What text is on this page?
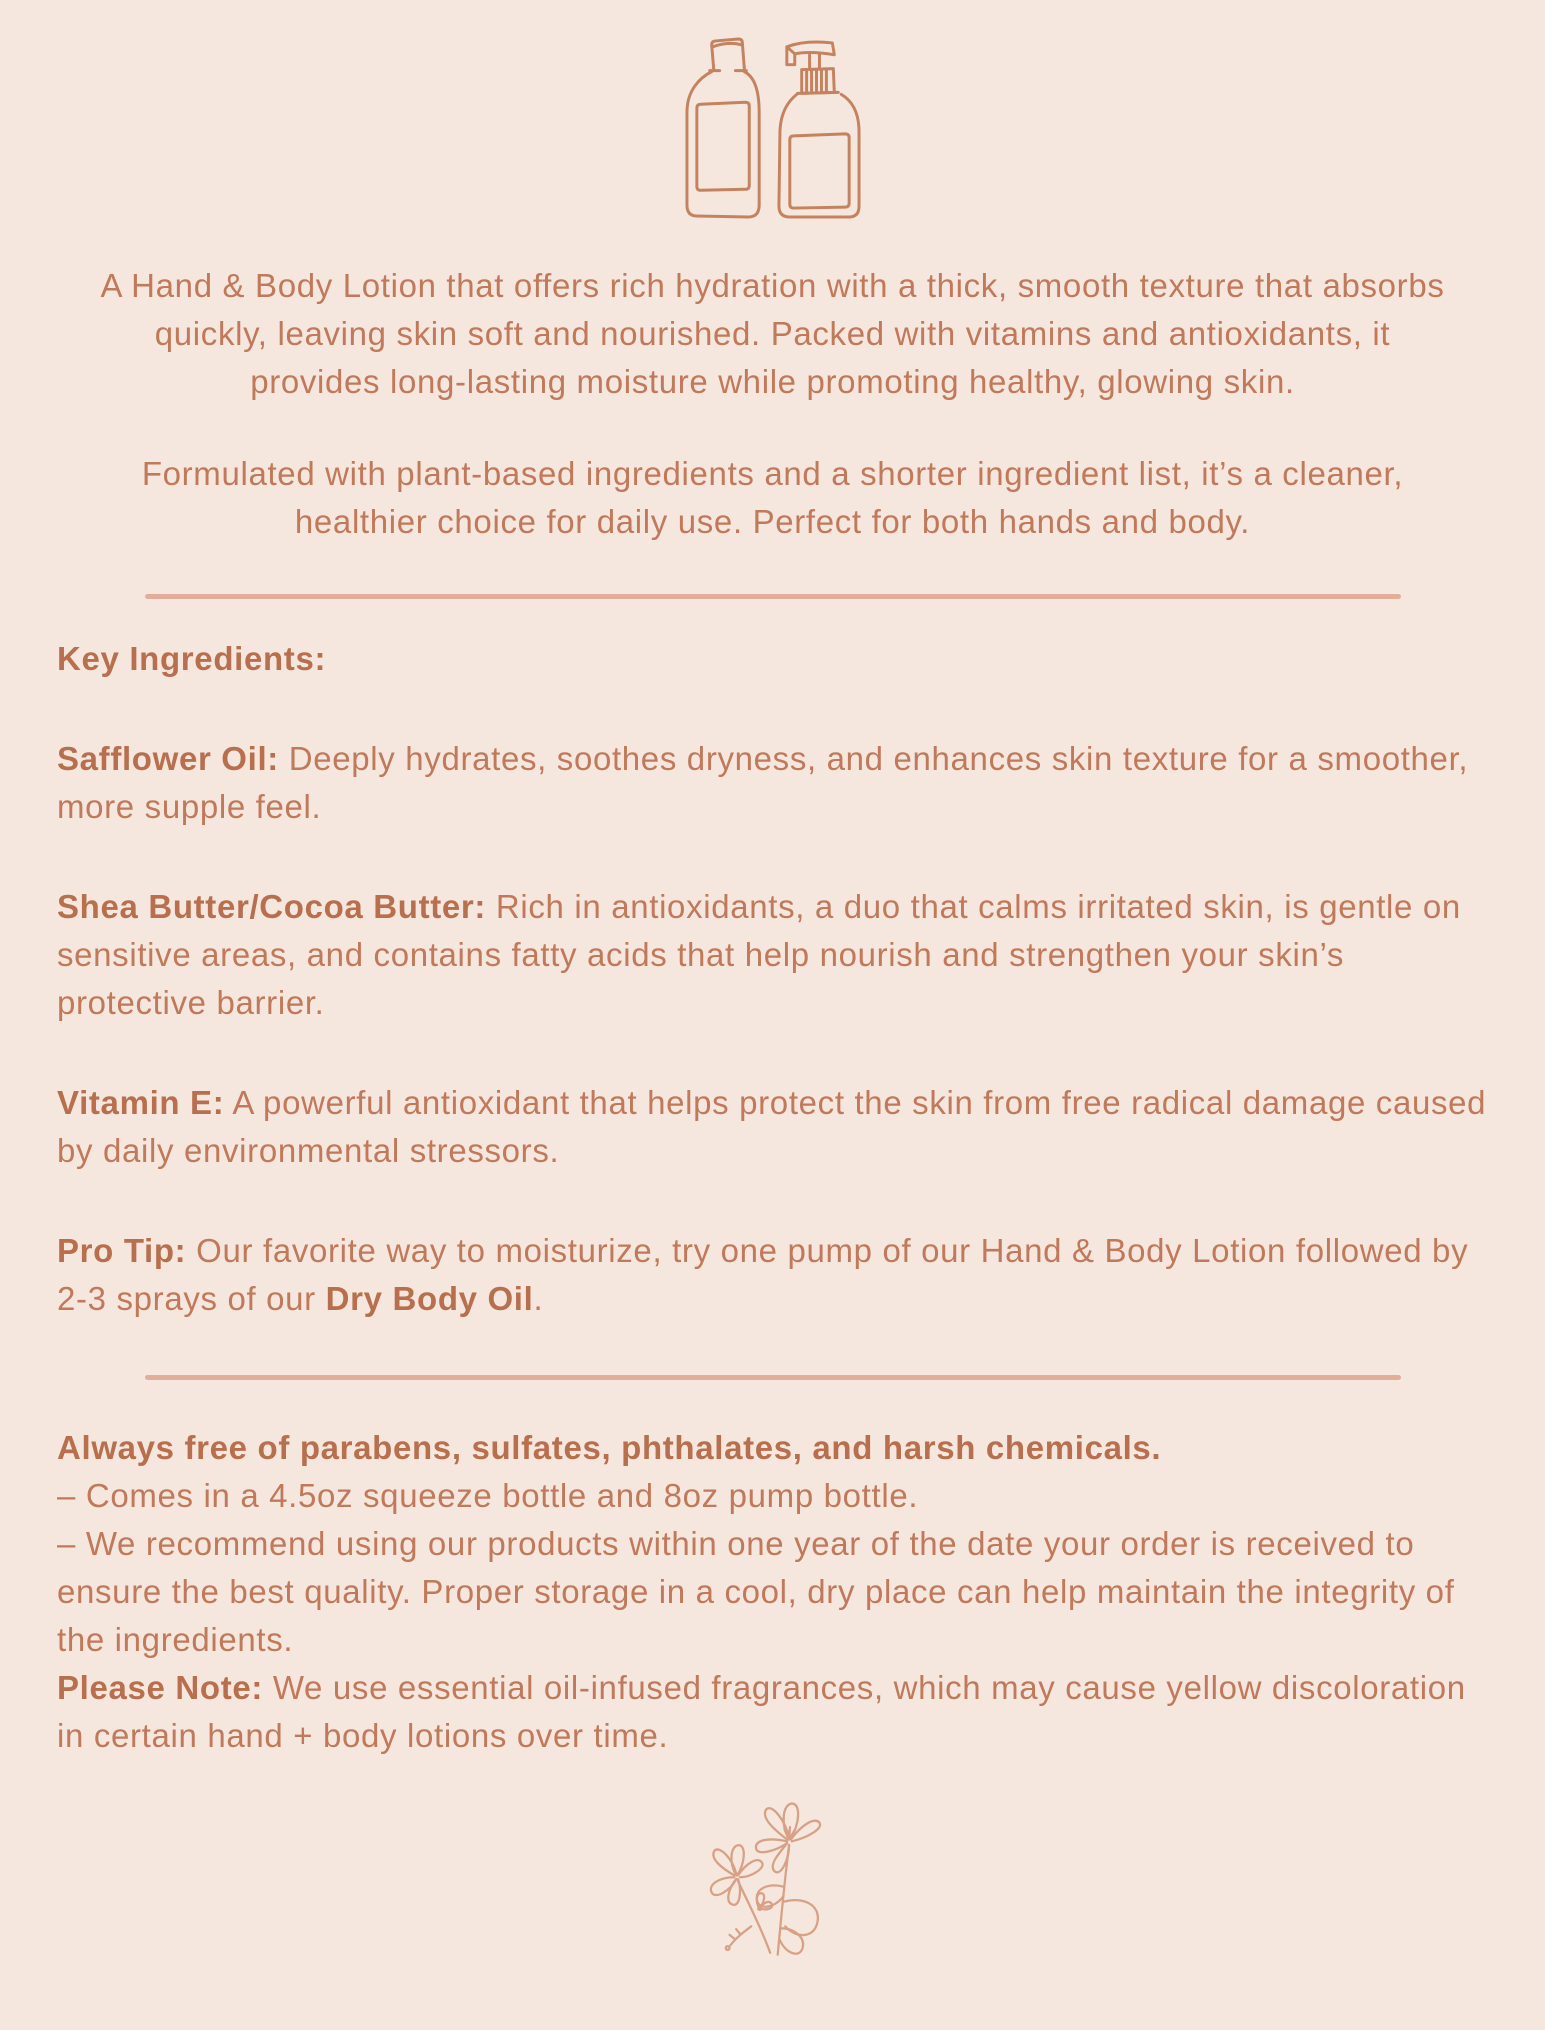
A Hand & Body Lotion that offers rich hydration with a thick, smooth texture that absorbs quickly, leaving skin soft and nourished. Packed with vitamins and antioxidants, it provides long-lasting moisture while promoting healthy, glowing skin.

Formulated with plant-based ingredients and a shorter ingredient list, it’s a cleaner, healthier choice for daily use. Perfect for both hands and body.

Key Ingredients:

Safflower Oil: Deeply hydrates, soothes dryness, and enhances skin texture for a smoother, more supple feel.

Shea Butter/Cocoa Butter: Rich in antioxidants, a duo that calms irritated skin, is gentle on sensitive areas, and contains fatty acids that help nourish and strengthen your skin’s protective barrier.

Vitamin E: A powerful antioxidant that helps protect the skin from free radical damage caused by daily environmental stressors.

Pro Tip: Our favorite way to moisturize, try one pump of our Hand & Body Lotion followed by 2-3 sprays of our Dry Body Oil.

Always free of parabens, sulfates, phthalates, and harsh chemicals.

– Comes in a 4.5oz squeeze bottle and 8oz pump bottle.

– We recommend using our products within one year of the date your order is received to ensure the best quality. Proper storage in a cool, dry place can help maintain the integrity of the ingredients.

Please Note: We use essential oil-infused fragrances, which may cause yellow discoloration in certain hand + body lotions over time.
